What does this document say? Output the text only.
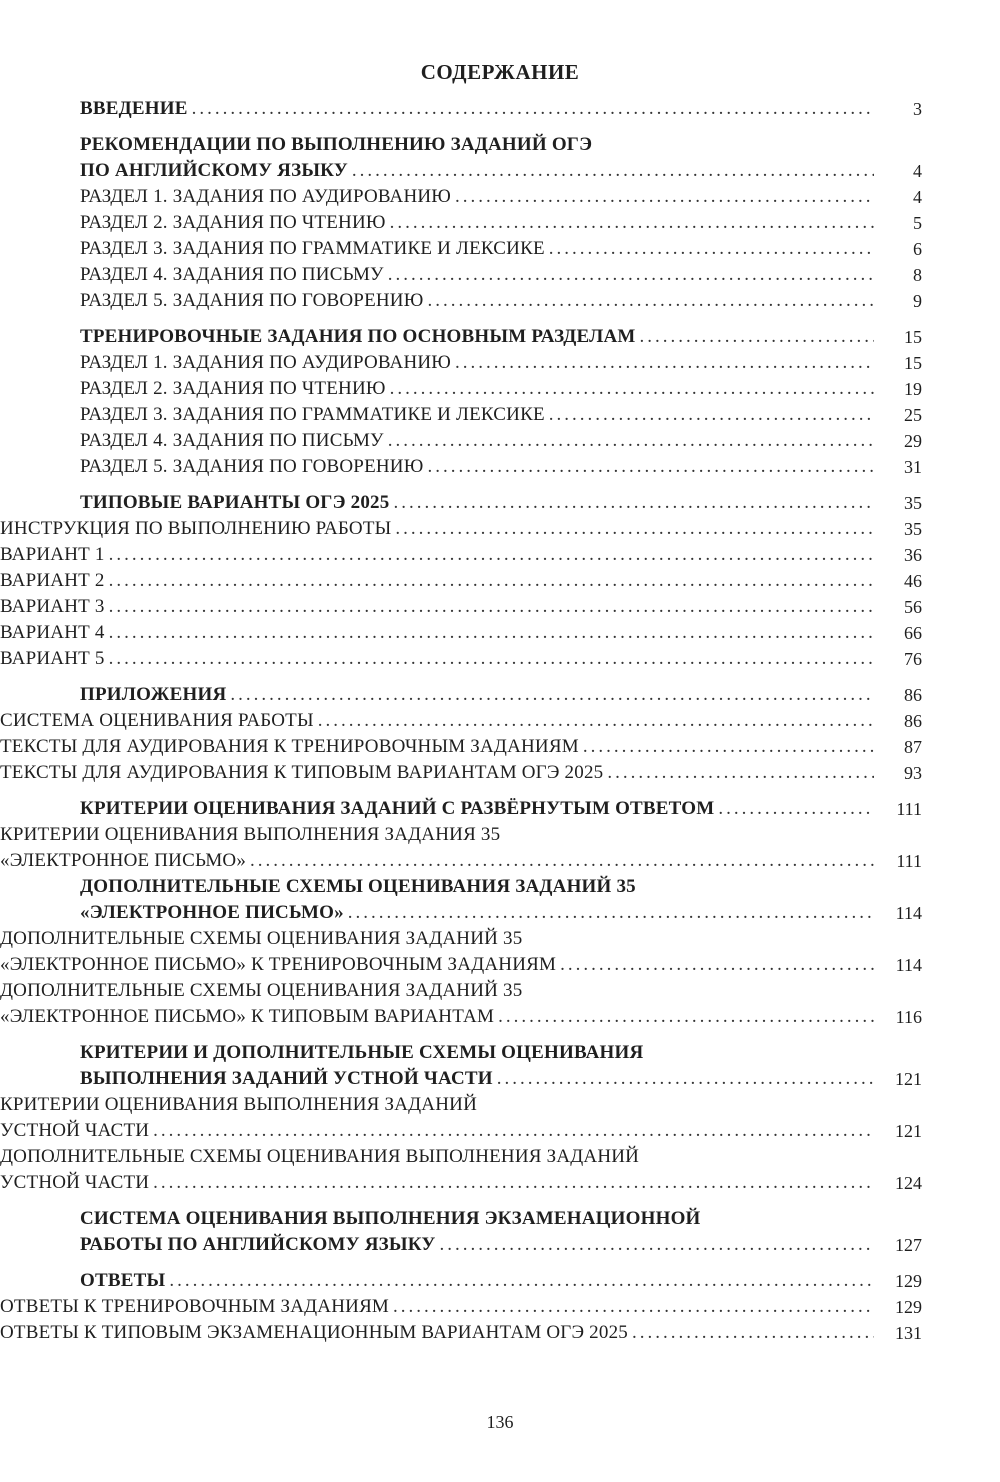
СОДЕРЖАНИЕ
ВВЕДЕНИЕ .....	3
РЕКОМЕНДАЦИИ ПО ВЫПОЛНЕНИЮ ЗАДАНИЙ ОГЭ
ПО АНГЛИЙСКОМУ ЯЗЫКУ .....	4
РАЗДЕЛ 1. ЗАДАНИЯ ПО АУДИРОВАНИЮ .....	4
РАЗДЕЛ 2. ЗАДАНИЯ ПО ЧТЕНИЮ .....	5
РАЗДЕЛ 3. ЗАДАНИЯ ПО ГРАММАТИКЕ И ЛЕКСИКЕ .....	6
РАЗДЕЛ 4. ЗАДАНИЯ ПО ПИСЬМУ .....	8
РАЗДЕЛ 5. ЗАДАНИЯ ПО ГОВОРЕНИЮ .....	9
ТРЕНИРОВОЧНЫЕ ЗАДАНИЯ ПО ОСНОВНЫМ РАЗДЕЛАМ .....	15
РАЗДЕЛ 1. ЗАДАНИЯ ПО АУДИРОВАНИЮ .....	15
РАЗДЕЛ 2. ЗАДАНИЯ ПО ЧТЕНИЮ .....	19
РАЗДЕЛ 3. ЗАДАНИЯ ПО ГРАММАТИКЕ И ЛЕКСИКЕ .....	25
РАЗДЕЛ 4. ЗАДАНИЯ ПО ПИСЬМУ .....	29
РАЗДЕЛ 5. ЗАДАНИЯ ПО ГОВОРЕНИЮ .....	31
ТИПОВЫЕ ВАРИАНТЫ ОГЭ 2025 .....	35
ИНСТРУКЦИЯ ПО ВЫПОЛНЕНИЮ РАБОТЫ .....	35
ВАРИАНТ 1 .....	36
ВАРИАНТ 2 .....	46
ВАРИАНТ 3 .....	56
ВАРИАНТ 4 .....	66
ВАРИАНТ 5 .....	76
ПРИЛОЖЕНИЯ .....	86
СИСТЕМА ОЦЕНИВАНИЯ РАБОТЫ .....	86
ТЕКСТЫ ДЛЯ АУДИРОВАНИЯ К ТРЕНИРОВОЧНЫМ ЗАДАНИЯМ .....	87
ТЕКСТЫ ДЛЯ АУДИРОВАНИЯ К ТИПОВЫМ ВАРИАНТАМ ОГЭ 2025 .....	93
КРИТЕРИИ ОЦЕНИВАНИЯ ЗАДАНИЙ С РАЗВЁРНУТЫМ ОТВЕТОМ .....	111
КРИТЕРИИ ОЦЕНИВАНИЯ ВЫПОЛНЕНИЯ ЗАДАНИЯ 35
«ЭЛЕКТРОННОЕ ПИСЬМО» .....	111
ДОПОЛНИТЕЛЬНЫЕ СХЕМЫ ОЦЕНИВАНИЯ ЗАДАНИЙ 35
«ЭЛЕКТРОННОЕ ПИСЬМО» .....	114
ДОПОЛНИТЕЛЬНЫЕ СХЕМЫ ОЦЕНИВАНИЯ ЗАДАНИЙ 35
«ЭЛЕКТРОННОЕ ПИСЬМО» К ТРЕНИРОВОЧНЫМ ЗАДАНИЯМ .....	114
ДОПОЛНИТЕЛЬНЫЕ СХЕМЫ ОЦЕНИВАНИЯ ЗАДАНИЙ 35
«ЭЛЕКТРОННОЕ ПИСЬМО» К ТИПОВЫМ ВАРИАНТАМ .....	116
КРИТЕРИИ И ДОПОЛНИТЕЛЬНЫЕ СХЕМЫ ОЦЕНИВАНИЯ
ВЫПОЛНЕНИЯ ЗАДАНИЙ УСТНОЙ ЧАСТИ .....	121
КРИТЕРИИ ОЦЕНИВАНИЯ ВЫПОЛНЕНИЯ ЗАДАНИЙ
УСТНОЙ ЧАСТИ .....	121
ДОПОЛНИТЕЛЬНЫЕ СХЕМЫ ОЦЕНИВАНИЯ ВЫПОЛНЕНИЯ ЗАДАНИЙ
УСТНОЙ ЧАСТИ .....	124
СИСТЕМА ОЦЕНИВАНИЯ ВЫПОЛНЕНИЯ ЭКЗАМЕНАЦИОННОЙ
РАБОТЫ ПО АНГЛИЙСКОМУ ЯЗЫКУ .....	127
ОТВЕТЫ .....	129
ОТВЕТЫ К ТРЕНИРОВОЧНЫМ ЗАДАНИЯМ .....	129
ОТВЕТЫ К ТИПОВЫМ ЭКЗАМЕНАЦИОННЫМ ВАРИАНТАМ ОГЭ 2025 .....	131
136
